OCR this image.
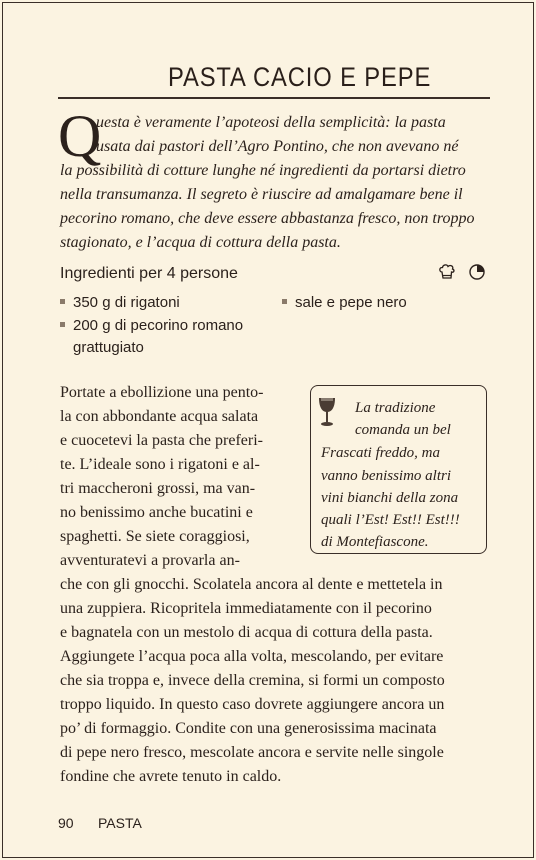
PASTA CACIO E PEPE
Q
uesta è veramente l’apoteosi della semplicità: la pasta
usata dai pastori dell’Agro Pontino, che non avevano né
la possibilità di cotture lunghe né ingredienti da portarsi dietro
nella transumanza. Il segreto è riuscire ad amalgamare bene il
pecorino romano, che deve essere abbastanza fresco, non troppo
stagionato, e l’acqua di cottura della pasta.
Ingredienti per 4 persone
350 g di rigatoni
200 g di pecorino romano
grattugiato
sale e pepe nero
Portate a ebollizione una pento-
la con abbondante acqua salata
e cuocetevi la pasta che preferi-
te. L’ideale sono i rigatoni e al-
tri maccheroni grossi, ma van-
no benissimo anche bucatini e
spaghetti. Se siete coraggiosi,
avventuratevi a provarla an-
che con gli gnocchi. Scolatela ancora al dente e mettetela in
una zuppiera. Ricopritela immediatamente con il pecorino
e bagnatela con un mestolo di acqua di cottura della pasta.
Aggiungete l’acqua poca alla volta, mescolando, per evitare
che sia troppa e, invece della cremina, si formi un composto
troppo liquido. In questo caso dovrete aggiungere ancora un
po’ di formaggio. Condite con una generosissima macinata
di pepe nero fresco, mescolate ancora e servite nelle singole
fondine che avrete tenuto in caldo.
La tradizione
comanda un bel
Frascati freddo, ma
vanno benissimo altri
vini bianchi della zona
quali l’Est! Est!! Est!!!
di Montefiascone.
90 PASTA
